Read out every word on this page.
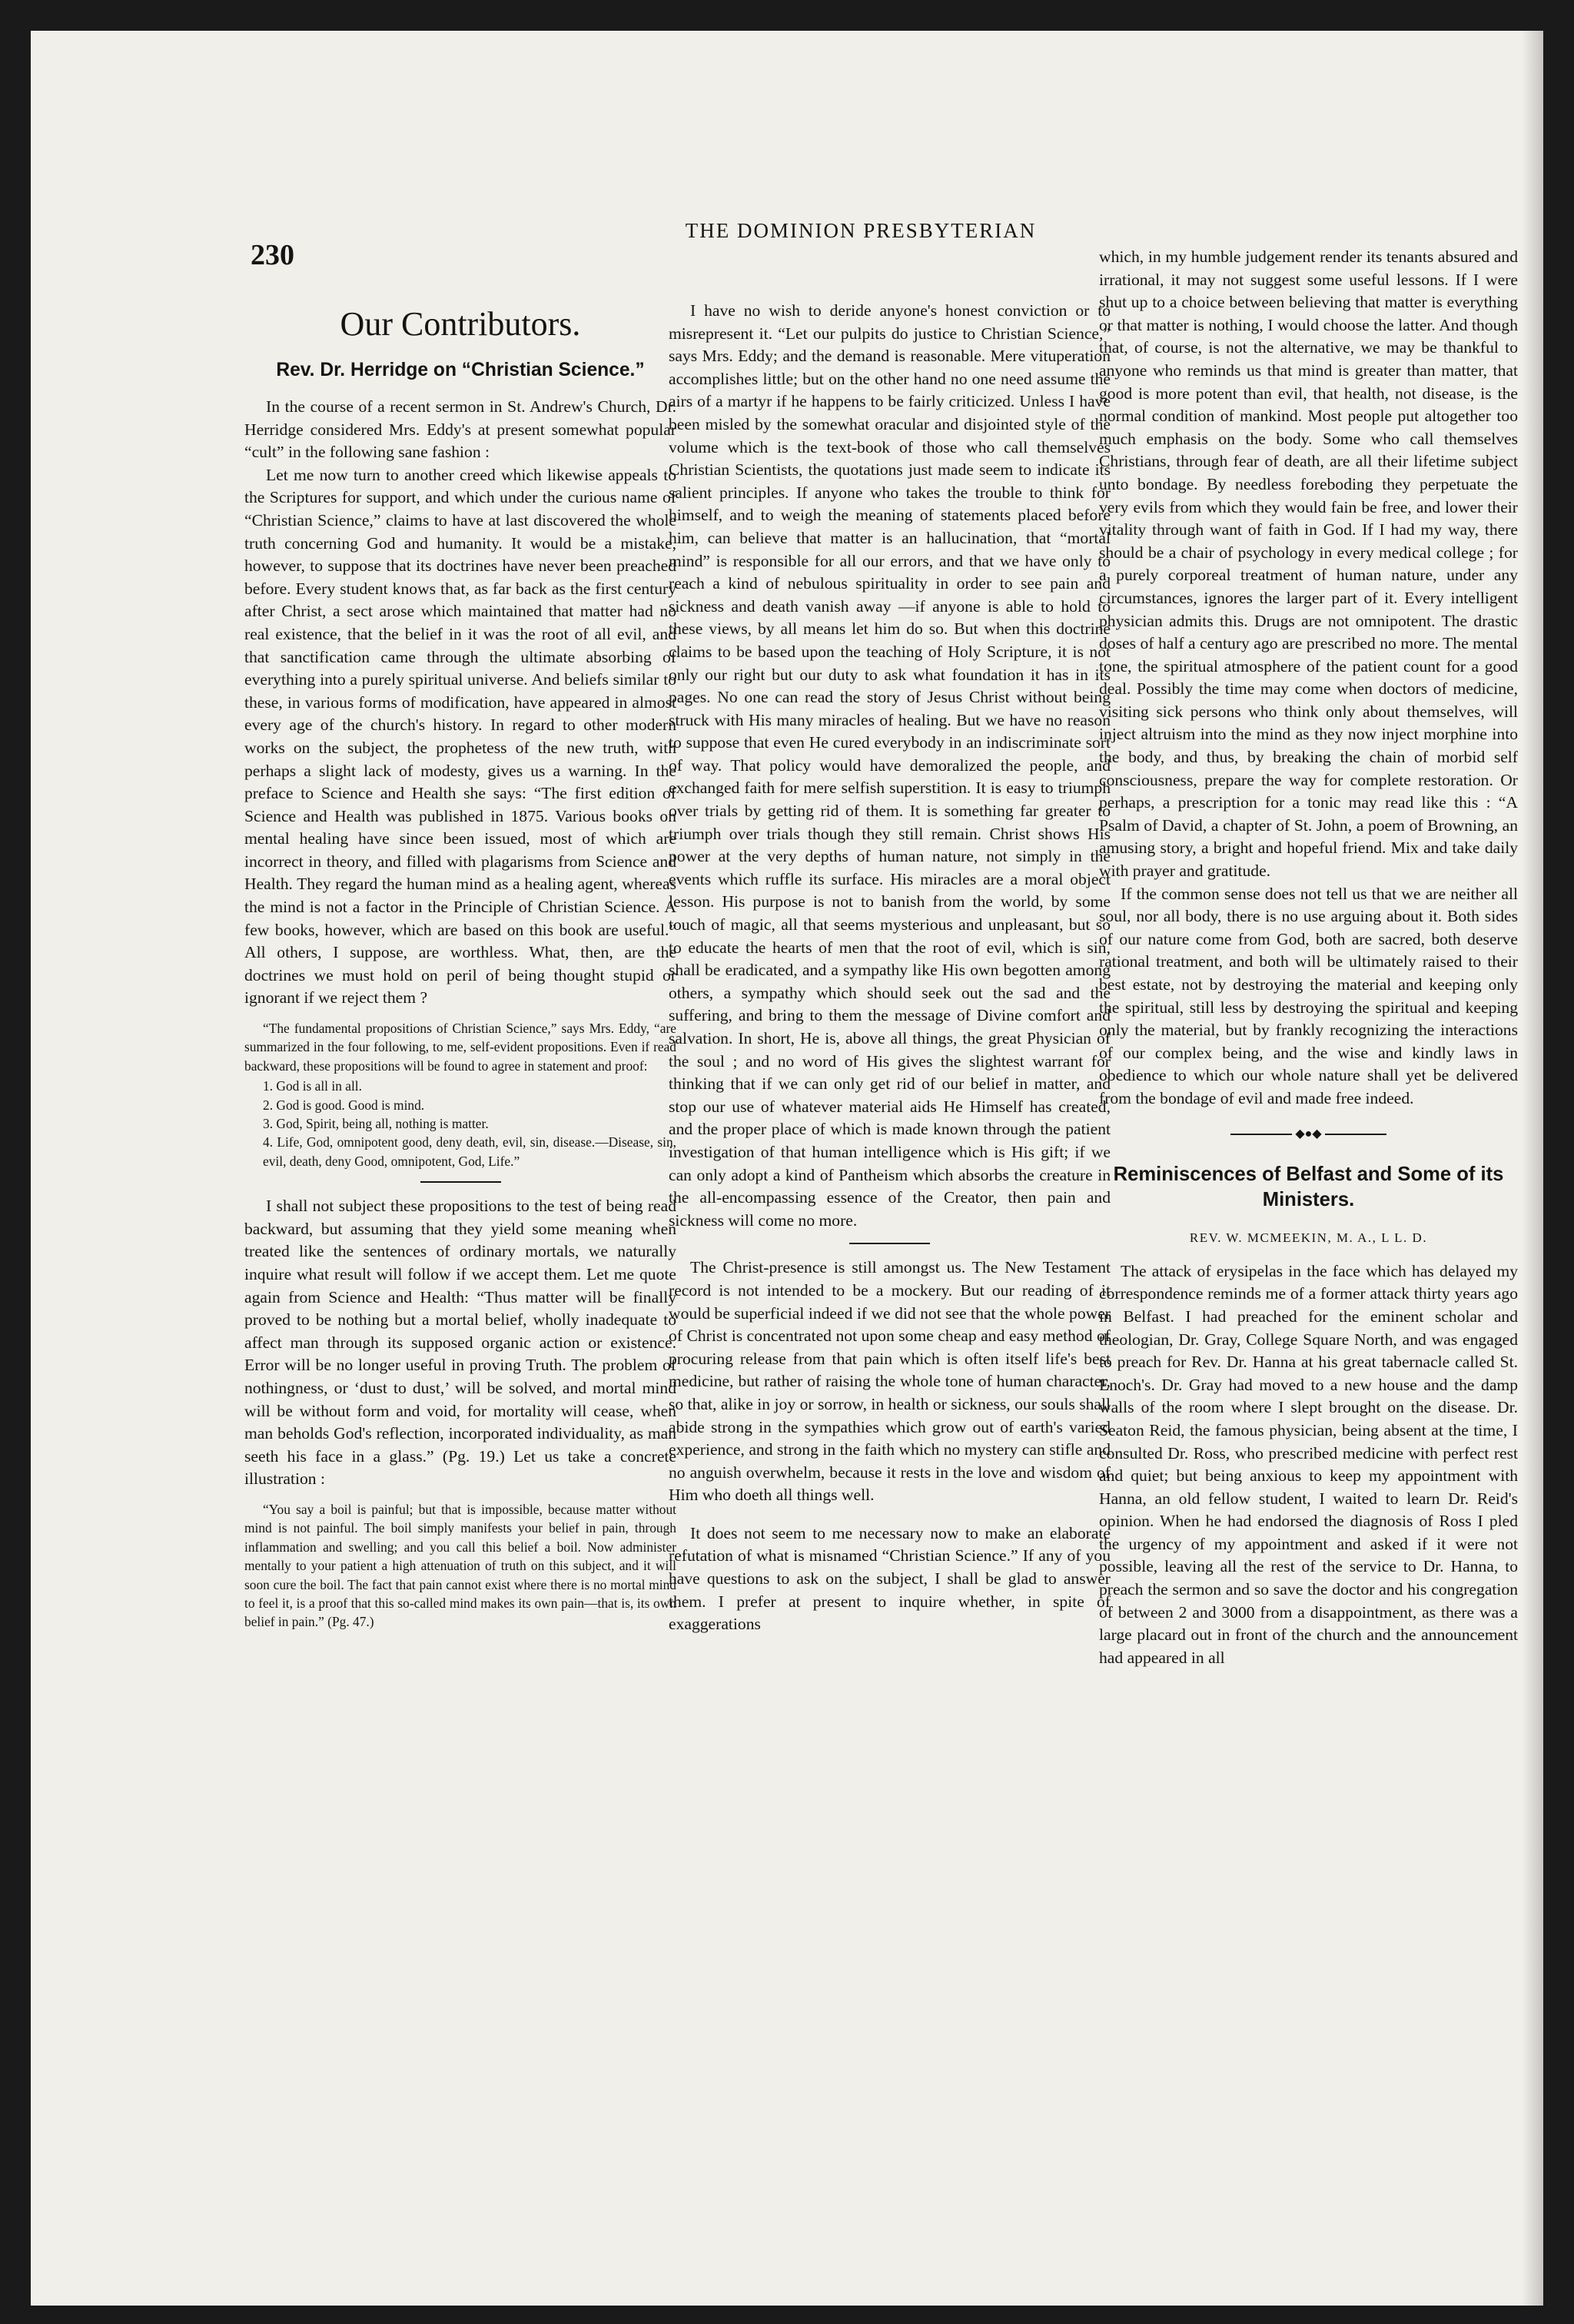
230
THE DOMINION PRESBYTERIAN
Our Contributors.
Rev. Dr. Herridge on “Christian Science.”

In the course of a recent sermon in St. Andrew's Church, Dr. Herridge considered Mrs. Eddy's at present somewhat popular “cult” in the following sane fashion :

Let me now turn to another creed which likewise appeals to the Scriptures for support, and which under the curious name of “Christian Science,” claims to have at last discovered the whole truth concerning God and humanity. It would be a mistake, however, to suppose that its doctrines have never been preached before. Every student knows that, as far back as the first century after Christ, a sect arose which maintained that matter had no real existence, that the belief in it was the root of all evil, and that sanctification came through the ultimate absorbing of everything into a purely spiritual universe. And beliefs similar to these, in various forms of modification, have appeared in almost every age of the church's history. In regard to other modern works on the subject, the prophetess of the new truth, with perhaps a slight lack of modesty, gives us a warning. In the preface to Science and Health she says: “The first edition of Science and Health was published in 1875. Various books on mental healing have since been issued, most of which are incorrect in theory, and filled with plagarisms from Science and Health. They regard the human mind as a healing agent, whereas the mind is not a factor in the Principle of Christian Science. A few books, however, which are based on this book are useful.” All others, I suppose, are worthless. What, then, are the doctrines we must hold on peril of being thought stupid or ignorant if we reject them ?

“The fundamental propositions of Christian Science,” says Mrs. Eddy, “are summarized in the four following, to me, self-evident propositions. Even if read backward, these propositions will be found to agree in statement and proof:

1. God is all in all.
2. God is good. Good is mind.
3. God, Spirit, being all, nothing is matter.
4. Life, God, omnipotent good, deny death, evil, sin, disease.—Disease, sin, evil, death, deny Good, omnipotent, God, Life.”

I shall not subject these propositions to the test of being read backward, but assuming that they yield some meaning when treated like the sentences of ordinary mortals, we naturally inquire what result will follow if we accept them. Let me quote again from Science and Health: “Thus matter will be finally proved to be nothing but a mortal belief, wholly inadequate to affect man through its supposed organic action or existence. Error will be no longer useful in proving Truth. The problem of nothingness, or ‘dust to dust,’ will be solved, and mortal mind will be without form and void, for mortality will cease, when man beholds God's reflection, incorporated individuality, as man seeth his face in a glass.” (Pg. 19.) Let us take a concrete illustration :

“You say a boil is painful; but that is impossible, because matter without mind is not painful. The boil simply manifests your belief in pain, through inflammation and swelling; and you call this belief a boil. Now administer mentally to your patient a high attenuation of truth on this subject, and it will soon cure the boil. The fact that pain cannot exist where there is no mortal mind to feel it, is a proof that this so-called mind makes its own pain—that is, its own belief in pain.” (Pg. 47.)

I have no wish to deride anyone's honest conviction or to misrepresent it. “Let our pulpits do justice to Christian Science,” says Mrs. Eddy; and the demand is reasonable. Mere vituperation accomplishes little; but on the other hand no one need assume the airs of a martyr if he happens to be fairly criticized. Unless I have been misled by the somewhat oracular and disjointed style of the volume which is the text-book of those who call themselves Christian Scientists, the quotations just made seem to indicate its salient principles. If anyone who takes the trouble to think for himself, and to weigh the meaning of statements placed before him, can believe that matter is an hallucination, that “mortal mind” is responsible for all our errors, and that we have only to reach a kind of nebulous spirituality in order to see pain and sickness and death vanish away —if anyone is able to hold to these views, by all means let him do so. But when this doctrine claims to be based upon the teaching of Holy Scripture, it is not only our right but our duty to ask what foundation it has in its pages. No one can read the story of Jesus Christ without being struck with His many miracles of healing. But we have no reason to suppose that even He cured everybody in an indiscriminate sort of way. That policy would have demoralized the people, and exchanged faith for mere selfish superstition. It is easy to triumph over trials by getting rid of them. It is something far greater to triumph over trials though they still remain. Christ shows His power at the very depths of human nature, not simply in the events which ruffle its surface. His miracles are a moral object lesson. His purpose is not to banish from the world, by some touch of magic, all that seems mysterious and unpleasant, but so to educate the hearts of men that the root of evil, which is sin, shall be eradicated, and a sympathy like His own begotten among others, a sympathy which should seek out the sad and the suffering, and bring to them the message of Divine comfort and salvation. In short, He is, above all things, the great Physician of the soul ; and no word of His gives the slightest warrant for thinking that if we can only get rid of our belief in matter, and stop our use of whatever material aids He Himself has created, and the proper place of which is made known through the patient investigation of that human intelligence which is His gift; if we can only adopt a kind of Pantheism which absorbs the creature in the all-encompassing essence of the Creator, then pain and sickness will come no more.

The Christ-presence is still amongst us. The New Testament record is not intended to be a mockery. But our reading of it would be superficial indeed if we did not see that the whole power of Christ is concentrated not upon some cheap and easy method of procuring release from that pain which is often itself life's best medicine, but rather of raising the whole tone of human character, so that, alike in joy or sorrow, in health or sickness, our souls shall abide strong in the sympathies which grow out of earth's varied experience, and strong in the faith which no mystery can stifle and no anguish overwhelm, because it rests in the love and wisdom of Him who doeth all things well.

It does not seem to me necessary now to make an elaborate refutation of what is misnamed “Christian Science.” If any of you have questions to ask on the subject, I shall be glad to answer them. I prefer at present to inquire whether, in spite of exaggerations

which, in my humble judgement render its tenants absured and irrational, it may not suggest some useful lessons. If I were shut up to a choice between believing that matter is everything or that matter is nothing, I would choose the latter. And though that, of course, is not the alternative, we may be thankful to anyone who reminds us that mind is greater than matter, that good is more potent than evil, that health, not disease, is the normal condition of mankind. Most people put altogether too much emphasis on the body. Some who call themselves Christians, through fear of death, are all their lifetime subject unto bondage. By needless foreboding they perpetuate the very evils from which they would fain be free, and lower their vitality through want of faith in God. If I had my way, there should be a chair of psychology in every medical college ; for a purely corporeal treatment of human nature, under any circumstances, ignores the larger part of it. Every intelligent physician admits this. Drugs are not omnipotent. The drastic doses of half a century ago are prescribed no more. The mental tone, the spiritual atmosphere of the patient count for a good deal. Possibly the time may come when doctors of medicine, visiting sick persons who think only about themselves, will inject altruism into the mind as they now inject morphine into the body, and thus, by breaking the chain of morbid self consciousness, prepare the way for complete restoration. Or perhaps, a prescription for a tonic may read like this : “A Psalm of David, a chapter of St. John, a poem of Browning, an amusing story, a bright and hopeful friend. Mix and take daily with prayer and gratitude.

If the common sense does not tell us that we are neither all soul, nor all body, there is no use arguing about it. Both sides of our nature come from God, both are sacred, both deserve rational treatment, and both will be ultimately raised to their best estate, not by destroying the material and keeping only the spiritual, still less by destroying the spiritual and keeping only the material, but by frankly recognizing the interactions of our complex being, and the wise and kindly laws in obedience to which our whole nature shall yet be delivered from the bondage of evil and made free indeed.

◆●◆
Reminiscences of Belfast and Some of its Ministers.
REV. W. MCMEEKIN, M. A., L L. D.

The attack of erysipelas in the face which has delayed my correspondence reminds me of a former attack thirty years ago in Belfast. I had preached for the eminent scholar and theologian, Dr. Gray, College Square North, and was engaged to preach for Rev. Dr. Hanna at his great tabernacle called St. Enoch's. Dr. Gray had moved to a new house and the damp walls of the room where I slept brought on the disease. Dr. Seaton Reid, the famous physician, being absent at the time, I consulted Dr. Ross, who prescribed medicine with perfect rest and quiet; but being anxious to keep my appointment with Hanna, an old fellow student, I waited to learn Dr. Reid's opinion. When he had endorsed the diagnosis of Ross I pled the urgency of my appointment and asked if it were not possible, leaving all the rest of the service to Dr. Hanna, to preach the sermon and so save the doctor and his congregation of between 2 and 3000 from a disappointment, as there was a large placard out in front of the church and the announcement had appeared in all
